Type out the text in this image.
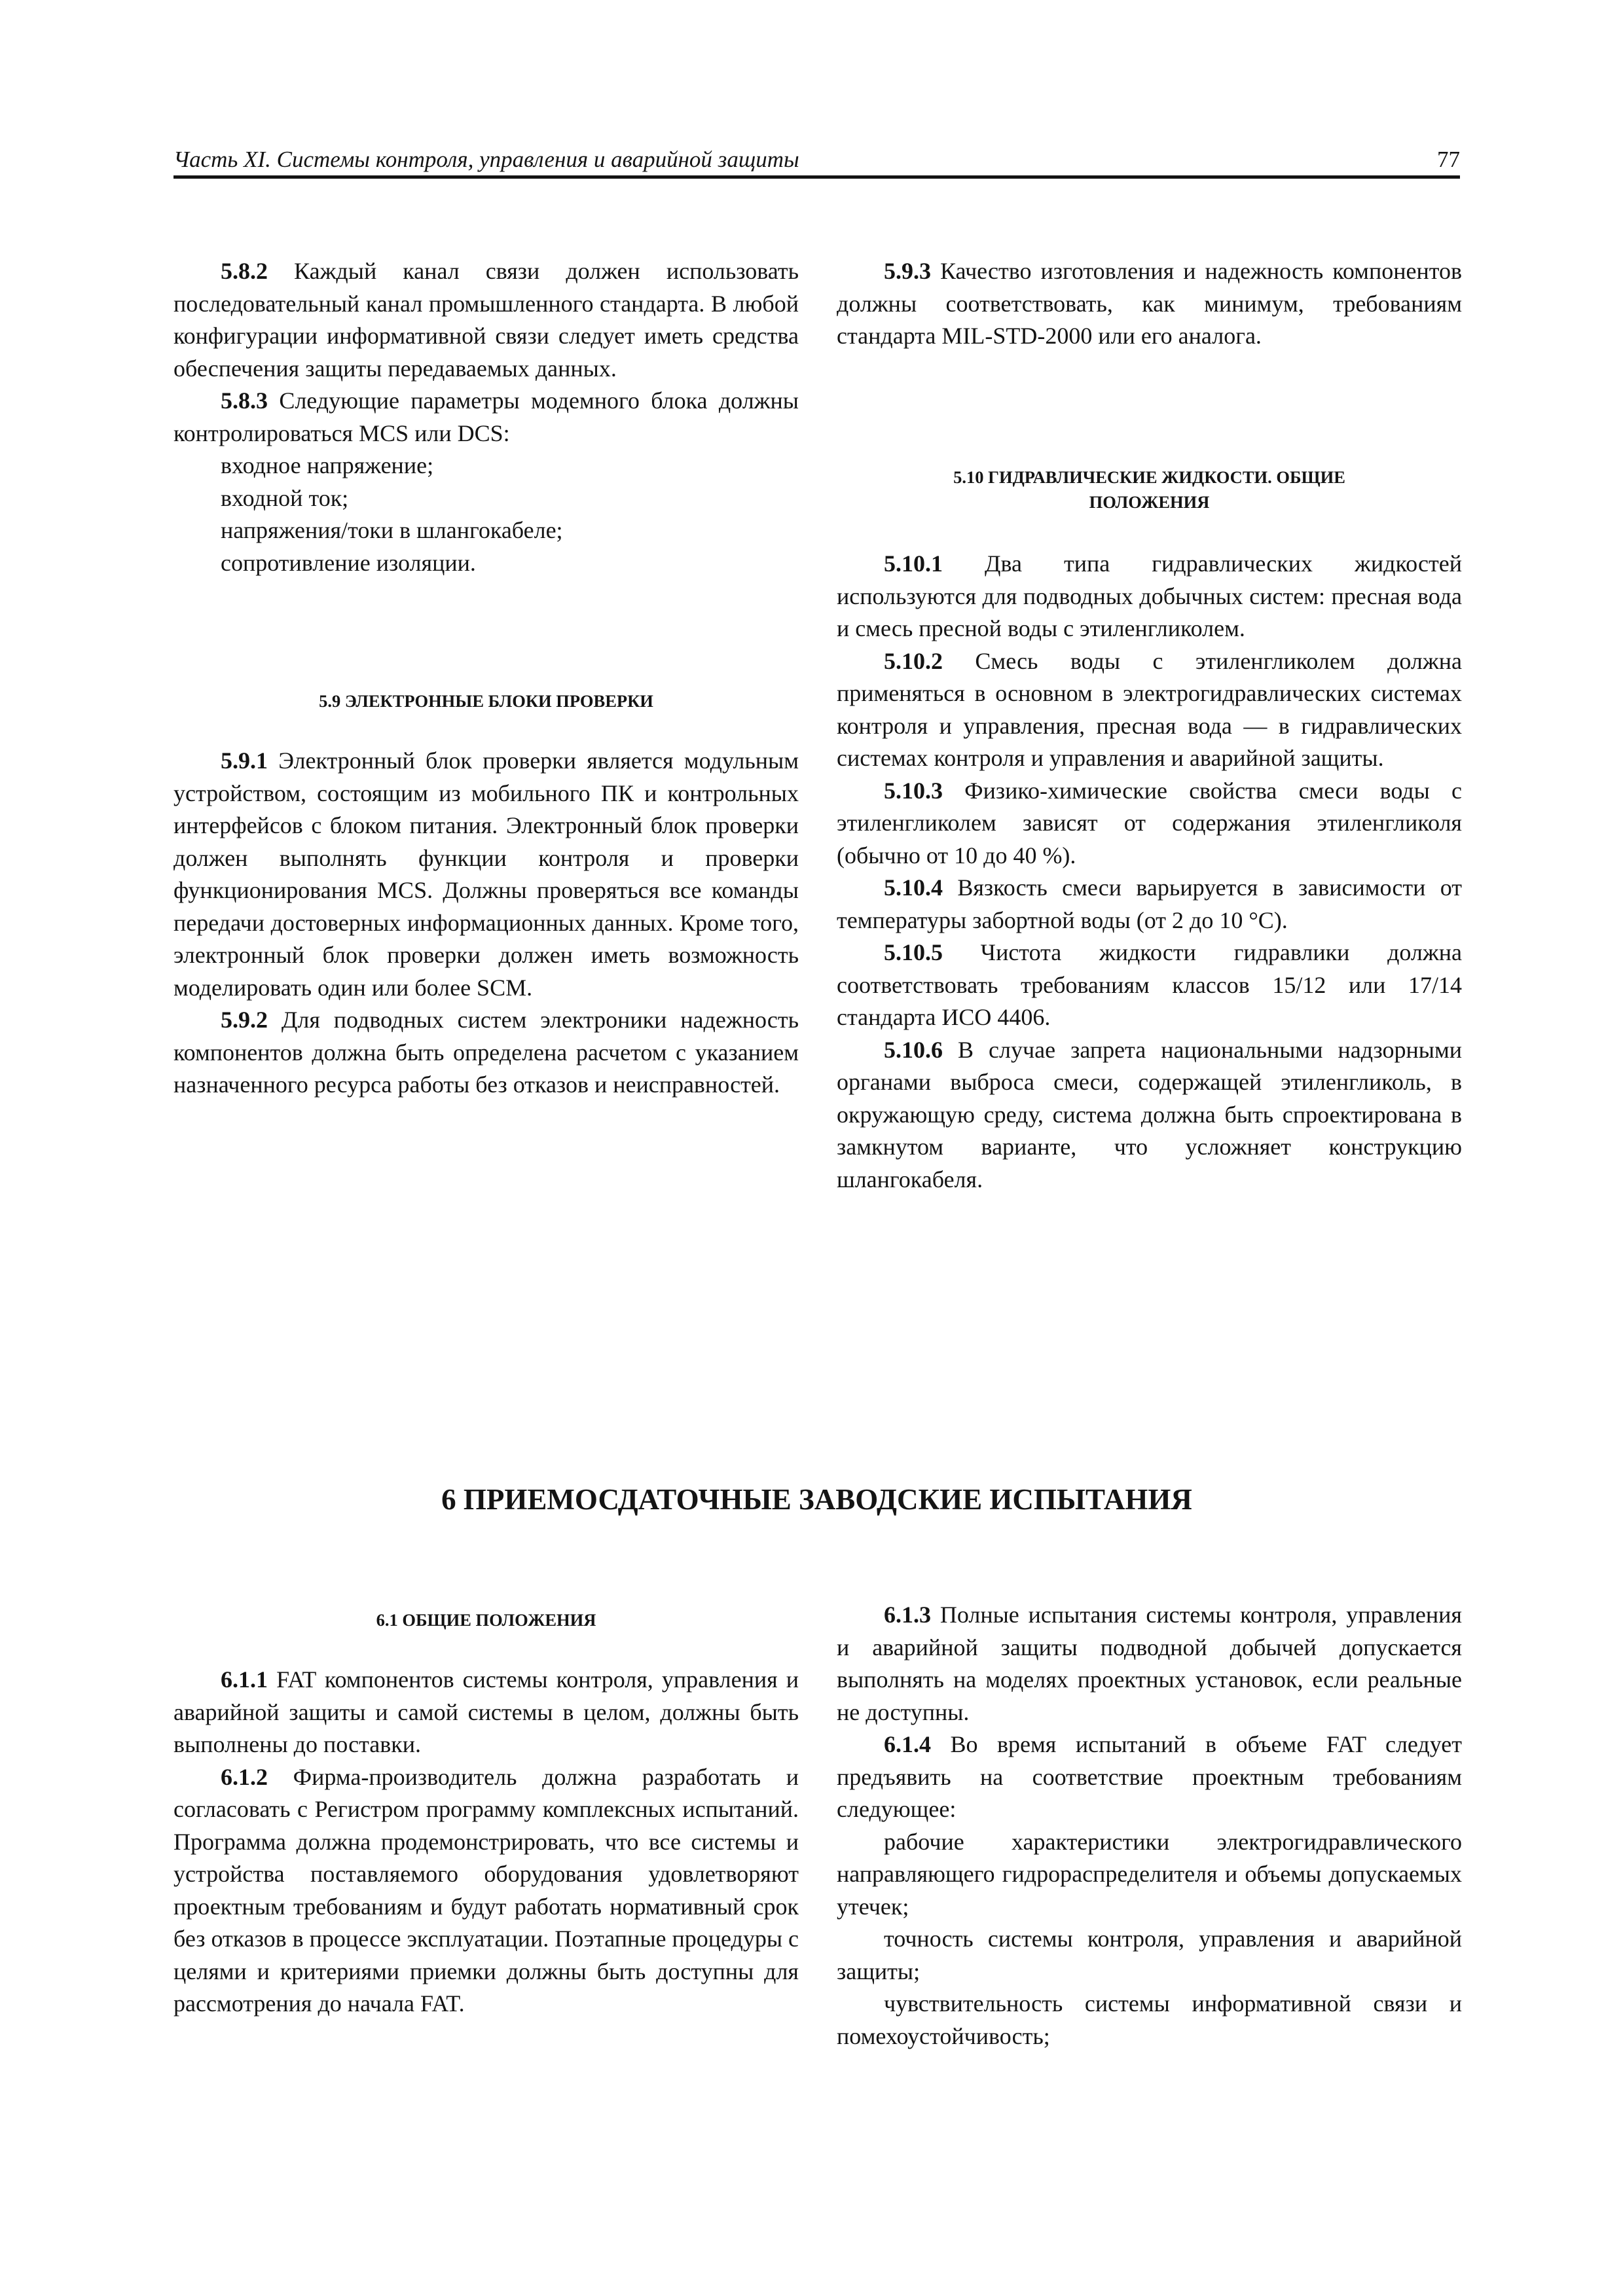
Часть XI. Системы контроля, управления и аварийной защиты	77

5.8.2 Каждый канал связи должен использовать последовательный канал промышленного стандарта. В любой конфигурации информативной связи следует иметь средства обеспечения защиты передаваемых данных.

5.8.3 Следующие параметры модемного блока должны контролироваться MCS или DCS:

входное напряжение;

входной ток;

напряжения/токи в шлангокабеле;

сопротивление изоляции.

5.9 ЭЛЕКТРОННЫЕ БЛОКИ ПРОВЕРКИ

5.9.1 Электронный блок проверки является модульным устройством, состоящим из мобильного ПК и контрольных интерфейсов с блоком питания. Электронный блок проверки должен выполнять функции контроля и проверки функционирования MCS. Должны проверяться все команды передачи достоверных информационных данных. Кроме того, электронный блок проверки должен иметь возможность моделировать один или более SCM.

5.9.2 Для подводных систем электроники надежность компонентов должна быть определена расчетом с указанием назначенного ресурса работы без отказов и неисправностей.

5.9.3 Качество изготовления и надежность компонентов должны соответствовать, как минимум, требованиям стандарта MIL-STD-2000 или его аналога.

5.10 ГИДРАВЛИЧЕСКИЕ ЖИДКОСТИ. ОБЩИЕ
ПОЛОЖЕНИЯ

5.10.1 Два типа гидравлических жидкостей используются для подводных добычных систем: пресная вода и смесь пресной воды с этиленгликолем.

5.10.2 Смесь воды с этиленгликолем должна применяться в основном в электрогидравлических системах контроля и управления, пресная вода — в гидравлических системах контроля и управления и аварийной защиты.

5.10.3 Физико-химические свойства смеси воды с этиленгликолем зависят от содержания этиленгликоля (обычно от 10 до 40 %).

5.10.4 Вязкость смеси варьируется в зависимости от температуры забортной воды (от 2 до 10 °C).

5.10.5 Чистота жидкости гидравлики должна соответствовать требованиям классов 15/12 или 17/14 стандарта ИСО 4406.

5.10.6 В случае запрета национальными надзорными органами выброса смеси, содержащей этиленгликоль, в окружающую среду, система должна быть спроектирована в замкнутом варианте, что усложняет конструкцию шлангокабеля.

6 ПРИЕМОСДАТОЧНЫЕ ЗАВОДСКИЕ ИСПЫТАНИЯ

6.1 ОБЩИЕ ПОЛОЖЕНИЯ

6.1.1 FAT компонентов системы контроля, управления и аварийной защиты и самой системы в целом, должны быть выполнены до поставки.

6.1.2 Фирма-производитель должна разработать и согласовать с Регистром программу комплексных испытаний. Программа должна продемонстрировать, что все системы и устройства поставляемого оборудования удовлетворяют проектным требованиям и будут работать нормативный срок без отказов в процессе эксплуатации. Поэтапные процедуры с целями и критериями приемки должны быть доступны для рассмотрения до начала FAT.

6.1.3 Полные испытания системы контроля, управления и аварийной защиты подводной добычей допускается выполнять на моделях проектных установок, если реальные не доступны.

6.1.4 Во время испытаний в объеме FAT следует предъявить на соответствие проектным требованиям следующее:

рабочие характеристики электрогидравлического направляющего гидрораспределителя и объемы допускаемых утечек;

точность системы контроля, управления и аварийной защиты;

чувствительность системы информативной связи и помехоустойчивость;
